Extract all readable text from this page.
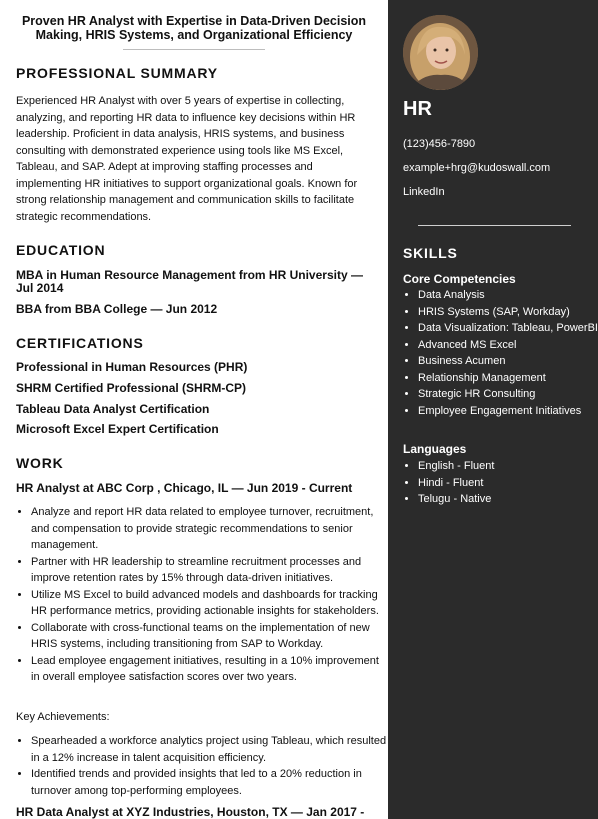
Proven HR Analyst with Expertise in Data-Driven Decision Making, HRIS Systems, and Organizational Efficiency
PROFESSIONAL SUMMARY

Experienced HR Analyst with over 5 years of expertise in collecting, analyzing, and reporting HR data to influence key decisions within HR leadership. Proficient in data analysis, HRIS systems, and business consulting with demonstrated experience using tools like MS Excel, Tableau, and SAP. Adept at improving staffing processes and implementing HR initiatives to support organizational goals. Known for strong relationship management and communication skills to facilitate strategic recommendations.

EDUCATION

MBA in Human Resource Management from HR University — Jul 2014

BBA from BBA College — Jun 2012

CERTIFICATIONS

Professional in Human Resources (PHR)

SHRM Certified Professional (SHRM-CP)

Tableau Data Analyst Certification

Microsoft Excel Expert Certification

WORK

HR Analyst at ABC Corp , Chicago, IL — Jun 2019 - Current

• Analyze and report HR data related to employee turnover, recruitment, and compensation to provide strategic recommendations to senior management.
• Partner with HR leadership to streamline recruitment processes and improve retention rates by 15% through data-driven initiatives.
• Utilize MS Excel to build advanced models and dashboards for tracking HR performance metrics, providing actionable insights for stakeholders.
• Collaborate with cross-functional teams on the implementation of new HRIS systems, including transitioning from SAP to Workday.
• Lead employee engagement initiatives, resulting in a 10% improvement in overall employee satisfaction scores over two years.

Key Achievements:

• Spearheaded a workforce analytics project using Tableau, which resulted in a 12% increase in talent acquisition efficiency.
• Identified trends and provided insights that led to a 20% reduction in turnover among top-performing employees.

HR Data Analyst at XYZ Industries, Houston, TX — Jan 2017 -

HR

(123)456-7890

example+hrg@kudoswall.com

LinkedIn

SKILLS

Core Competencies

• Data Analysis
• HRIS Systems (SAP, Workday)
• Data Visualization: Tableau, PowerBI
• Advanced MS Excel
• Business Acumen
• Relationship Management
• Strategic HR Consulting
• Employee Engagement Initiatives

Languages

• English - Fluent
• Hindi - Fluent
• Telugu - Native
